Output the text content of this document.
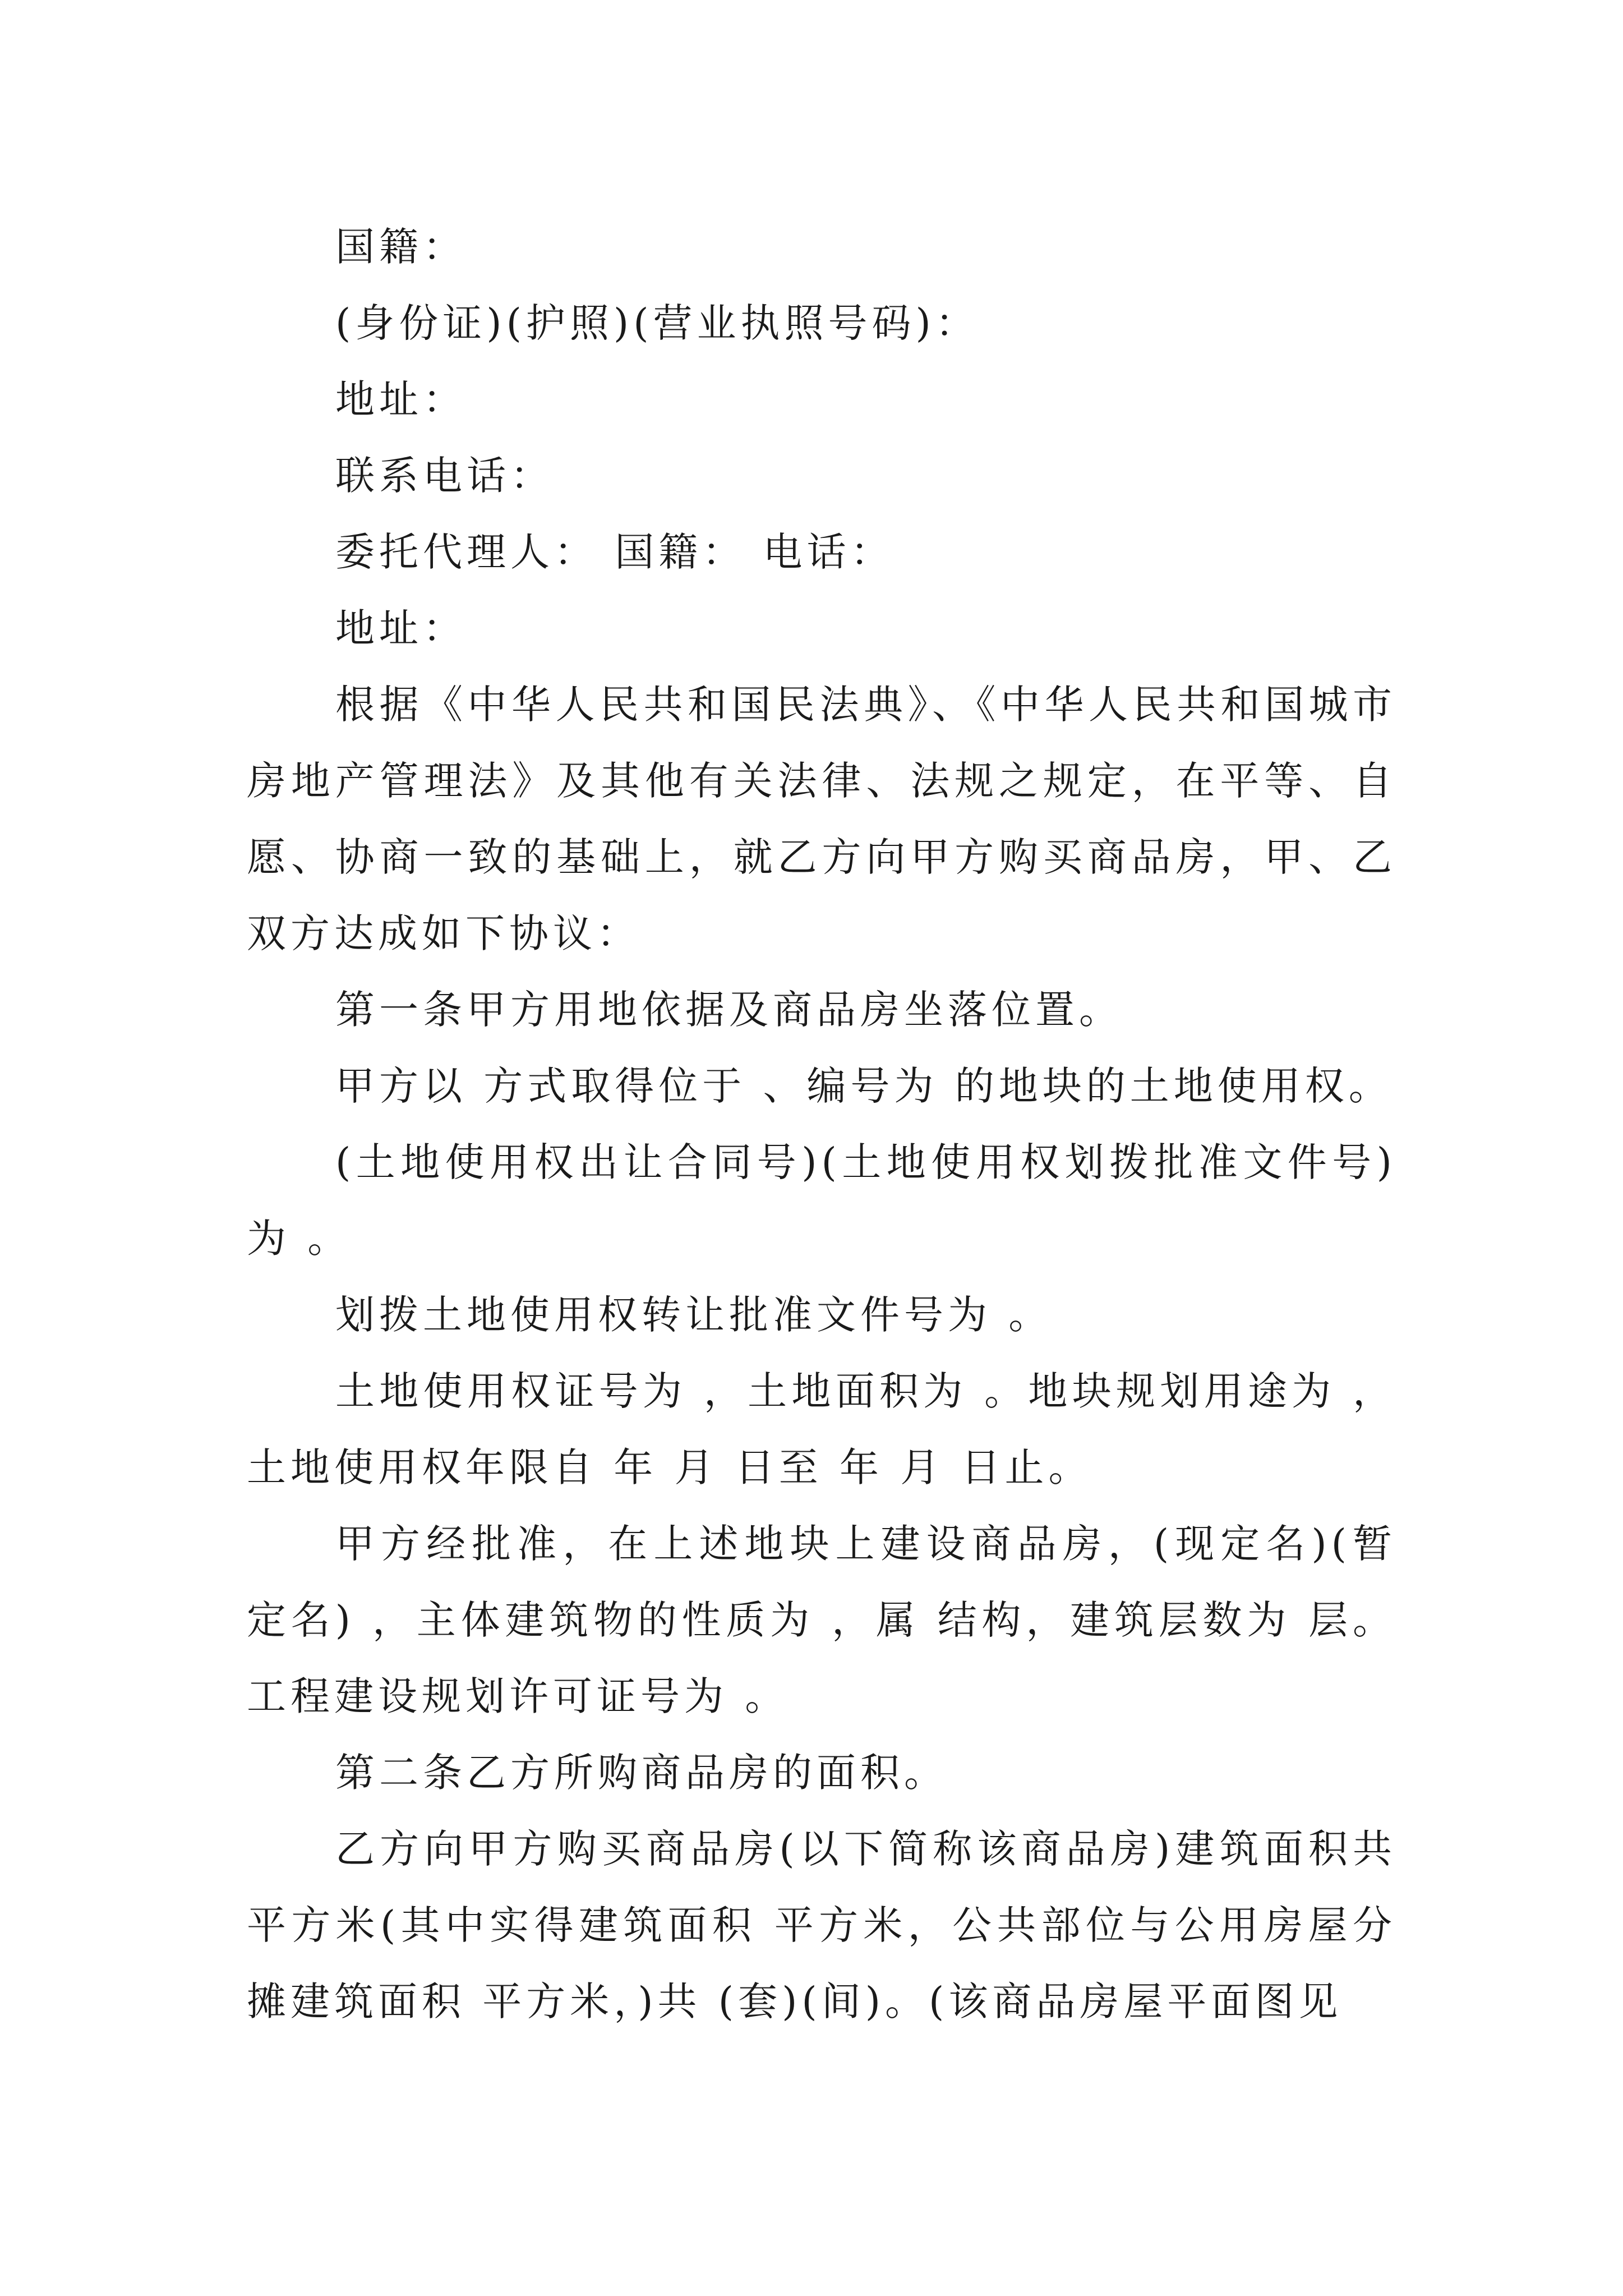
国籍：

(身份证)(护照)(营业执照号码)：

地址：

联系电话：

委托代理人： 国籍： 电话：

地址：

根据《中华人民共和国民法典》、《中华人民共和国城市房地产管理法》及其他有关法律、法规之规定，在平等、自愿、协商一致的基础上，就乙方向甲方购买商品房，甲、乙双方达成如下协议：

第一条甲方用地依据及商品房坐落位置。

甲方以 方式取得位于 、编号为 的地块的土地使用权。

(土地使用权出让合同号)(土地使用权划拨批准文件号)为 。

划拨土地使用权转让批准文件号为 。

土地使用权证号为 ，土地面积为 。地块规划用途为 ，土地使用权年限自 年 月 日至 年 月 日止。

甲方经批准，在上述地块上建设商品房，(现定名)(暂定名) ，主体建筑物的性质为 ，属 结构，建筑层数为 层。工程建设规划许可证号为 。

第二条乙方所购商品房的面积。

乙方向甲方购买商品房(以下简称该商品房)建筑面积共 平方米(其中实得建筑面积 平方米，公共部位与公用房屋分摊建筑面积 平方米，)共 (套)(间)。(该商品房屋平面图见
